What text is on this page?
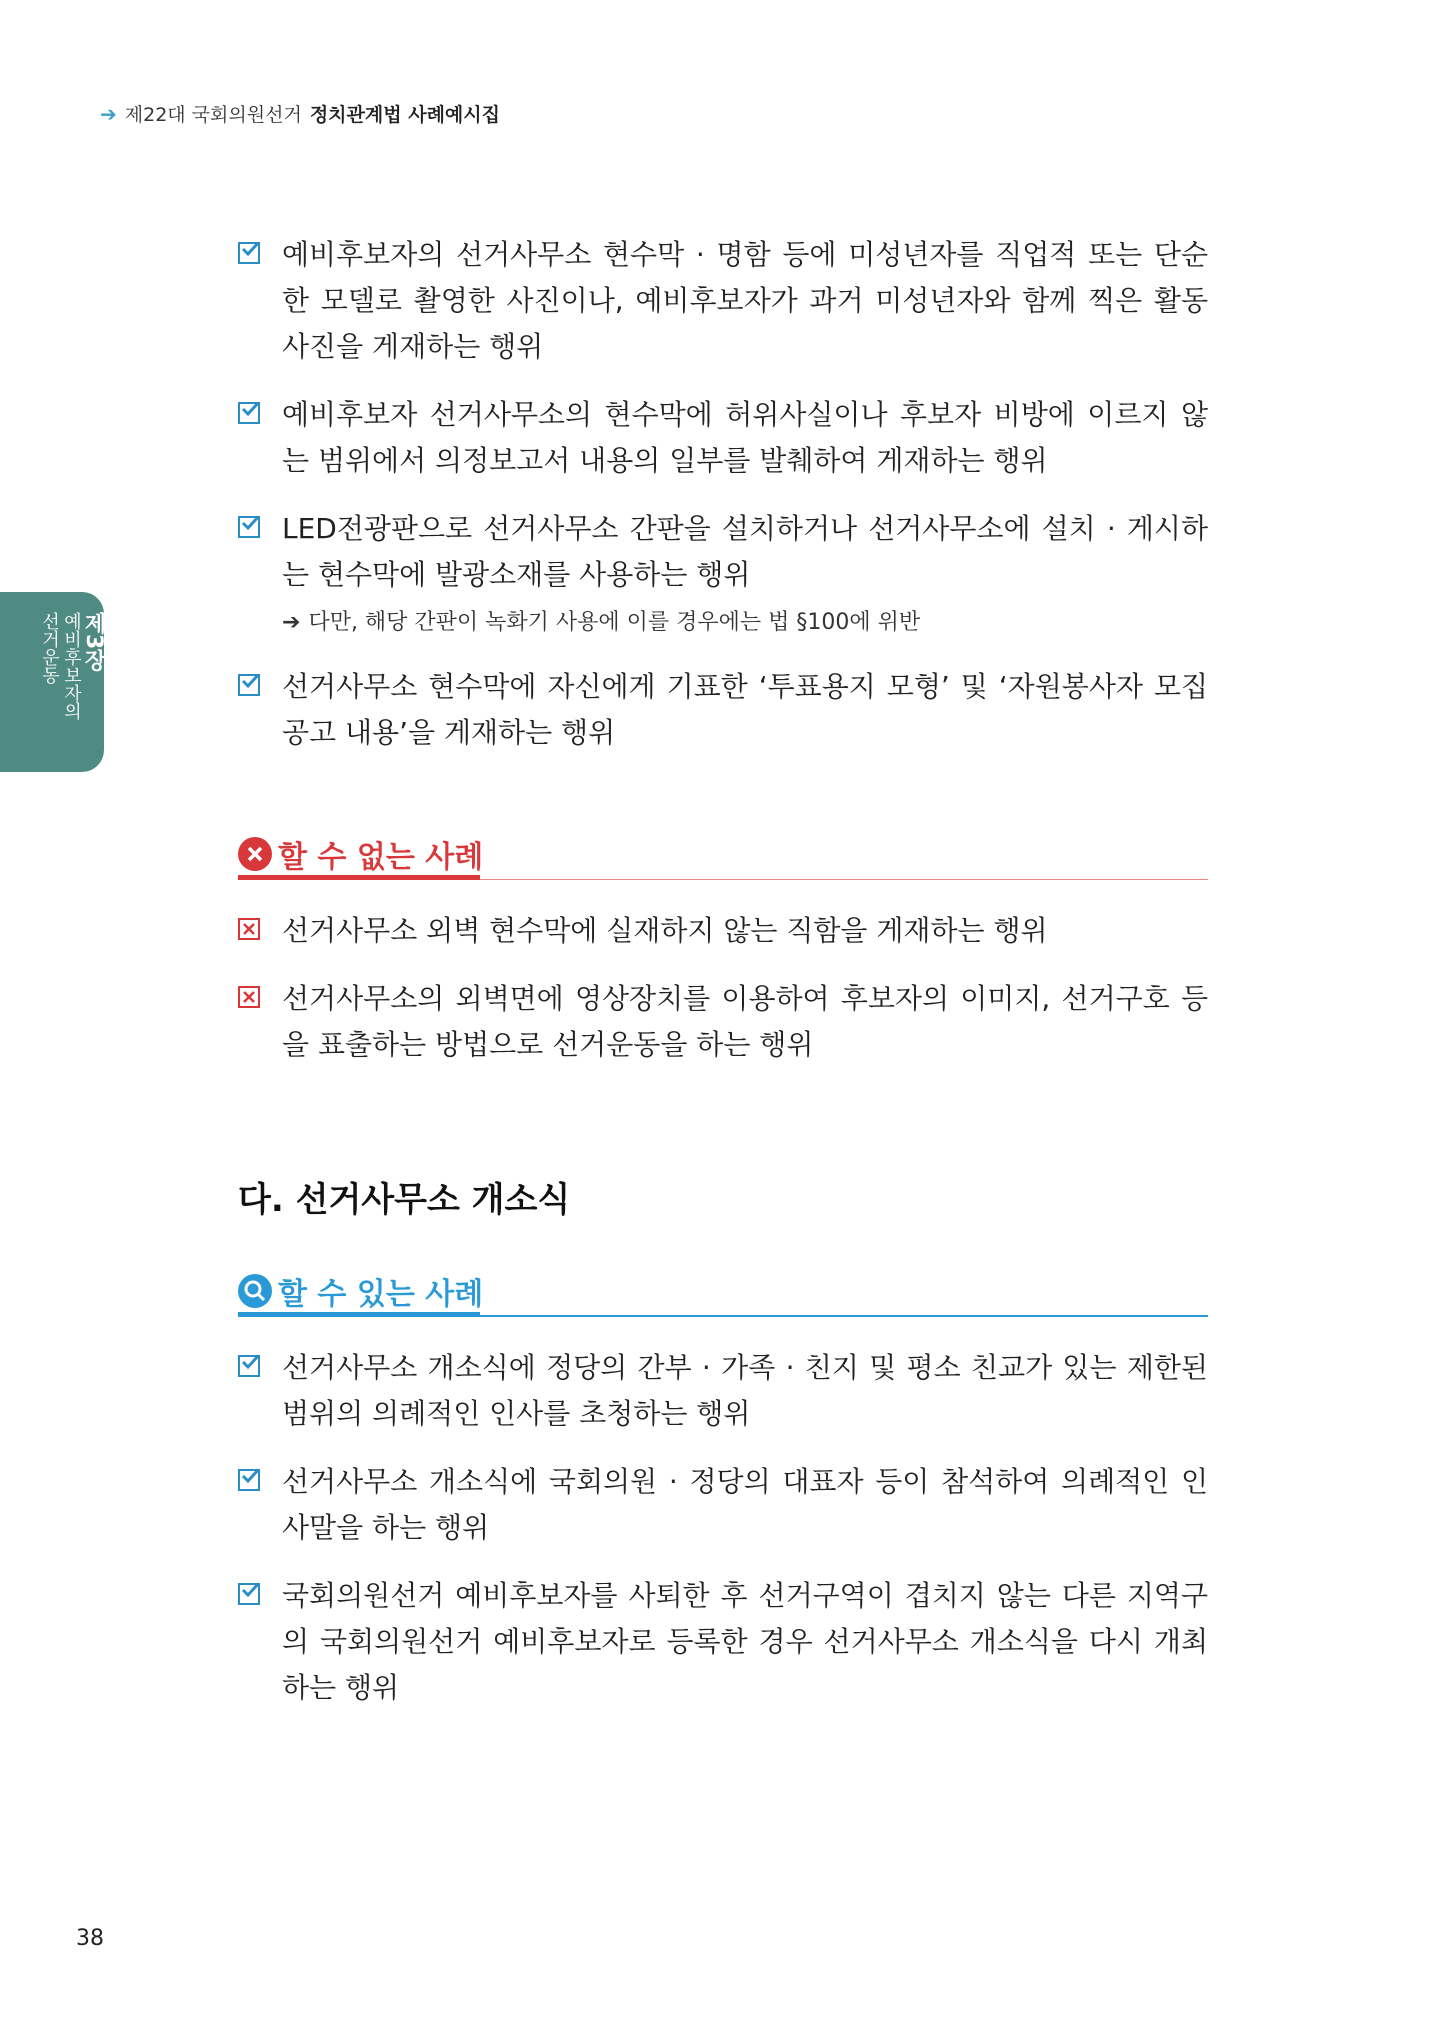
➔ 제22대 국회의원선거 정치관계법 사례예시집
제3장
예비후보자의
선거운동
예비후보자의 선거사무소 현수막 · 명함 등에 미성년자를 직업적 또는 단순한 모델로 촬영한 사진이나, 예비후보자가 과거 미성년자와 함께 찍은 활동사진을 게재하는 행위
예비후보자 선거사무소의 현수막에 허위사실이나 후보자 비방에 이르지 않는 범위에서 의정보고서 내용의 일부를 발췌하여 게재하는 행위
LED전광판으로 선거사무소 간판을 설치하거나 선거사무소에 설치 · 게시하는 현수막에 발광소재를 사용하는 행위
➔ 다만, 해당 간판이 녹화기 사용에 이를 경우에는 법 §100에 위반
선거사무소 현수막에 자신에게 기표한 ‘투표용지 모형’ 및 ‘자원봉사자 모집공고 내용’을 게재하는 행위
할 수 없는 사례
선거사무소 외벽 현수막에 실재하지 않는 직함을 게재하는 행위
선거사무소의 외벽면에 영상장치를 이용하여 후보자의 이미지, 선거구호 등을 표출하는 방법으로 선거운동을 하는 행위
다. 선거사무소 개소식
할 수 있는 사례
선거사무소 개소식에 정당의 간부 · 가족 · 친지 및 평소 친교가 있는 제한된 범위의 의례적인 인사를 초청하는 행위
선거사무소 개소식에 국회의원 · 정당의 대표자 등이 참석하여 의례적인 인사말을 하는 행위
국회의원선거 예비후보자를 사퇴한 후 선거구역이 겹치지 않는 다른 지역구의 국회의원선거 예비후보자로 등록한 경우 선거사무소 개소식을 다시 개최하는 행위
38
